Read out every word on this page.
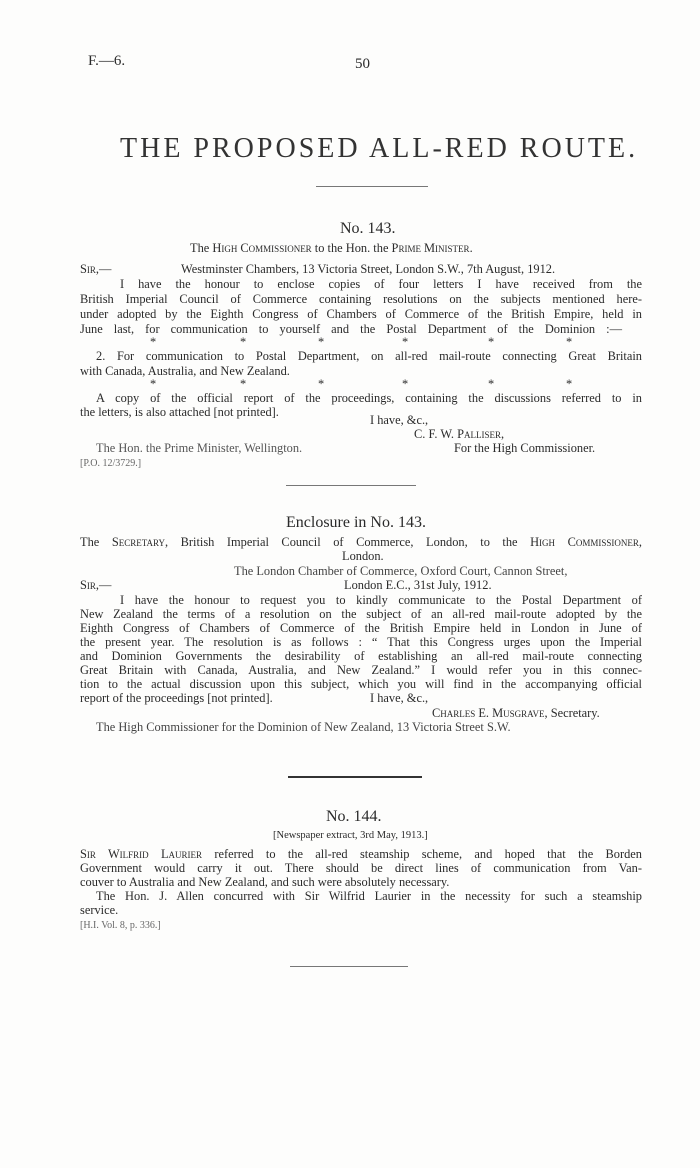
F.—6.	50
THE PROPOSED ALL-RED ROUTE.
No. 143.
The High Commissioner to the Hon. the Prime Minister.
Sir,—	Westminster Chambers, 13 Victoria Street, London S.W., 7th August, 1912.
I have the honour to enclose copies of four letters I have received from the
British Imperial Council of Commerce containing resolutions on the subjects mentioned here-
under adopted by the Eighth Congress of Chambers of Commerce of the British Empire, held in
June last, for communication to yourself and the Postal Department of the Dominion :—
*	*	*	*	*	*
2. For communication to Postal Department, on all-red mail-route connecting Great Britain
with Canada, Australia, and New Zealand.
*	*	*	*	*	*
A copy of the official report of the proceedings, containing the discussions referred to in
the letters, is also attached [not printed].
I have, &c.,
C. F. W. Palliser,
The Hon. the Prime Minister, Wellington.	For the High Commissioner.
[P.O. 12/3729.]
Enclosure in No. 143.
The Secretary, British Imperial Council of Commerce, London, to the High Commissioner,
London.
The London Chamber of Commerce, Oxford Court, Cannon Street,
Sir,—	London E.C., 31st July, 1912.
I have the honour to request you to kindly communicate to the Postal Department of
New Zealand the terms of a resolution on the subject of an all-red mail-route adopted by the
Eighth Congress of Chambers of Commerce of the British Empire held in London in June of
the present year. The resolution is as follows : “ That this Congress urges upon the Imperial
and Dominion Governments the desirability of establishing an all-red mail-route connecting
Great Britain with Canada, Australia, and New Zealand.” I would refer you in this connec-
tion to the actual discussion upon this subject, which you will find in the accompanying official
report of the proceedings [not printed].	I have, &c.,
Charles E. Musgrave, Secretary.
The High Commissioner for the Dominion of New Zealand, 13 Victoria Street S.W.
No. 144.
[Newspaper extract, 3rd May, 1913.]
Sir Wilfrid Laurier referred to the all-red steamship scheme, and hoped that the Borden
Government would carry it out. There should be direct lines of communication from Van-
couver to Australia and New Zealand, and such were absolutely necessary.
The Hon. J. Allen concurred with Sir Wilfrid Laurier in the necessity for such a steamship
service.
[H.I. Vol. 8, p. 336.]
